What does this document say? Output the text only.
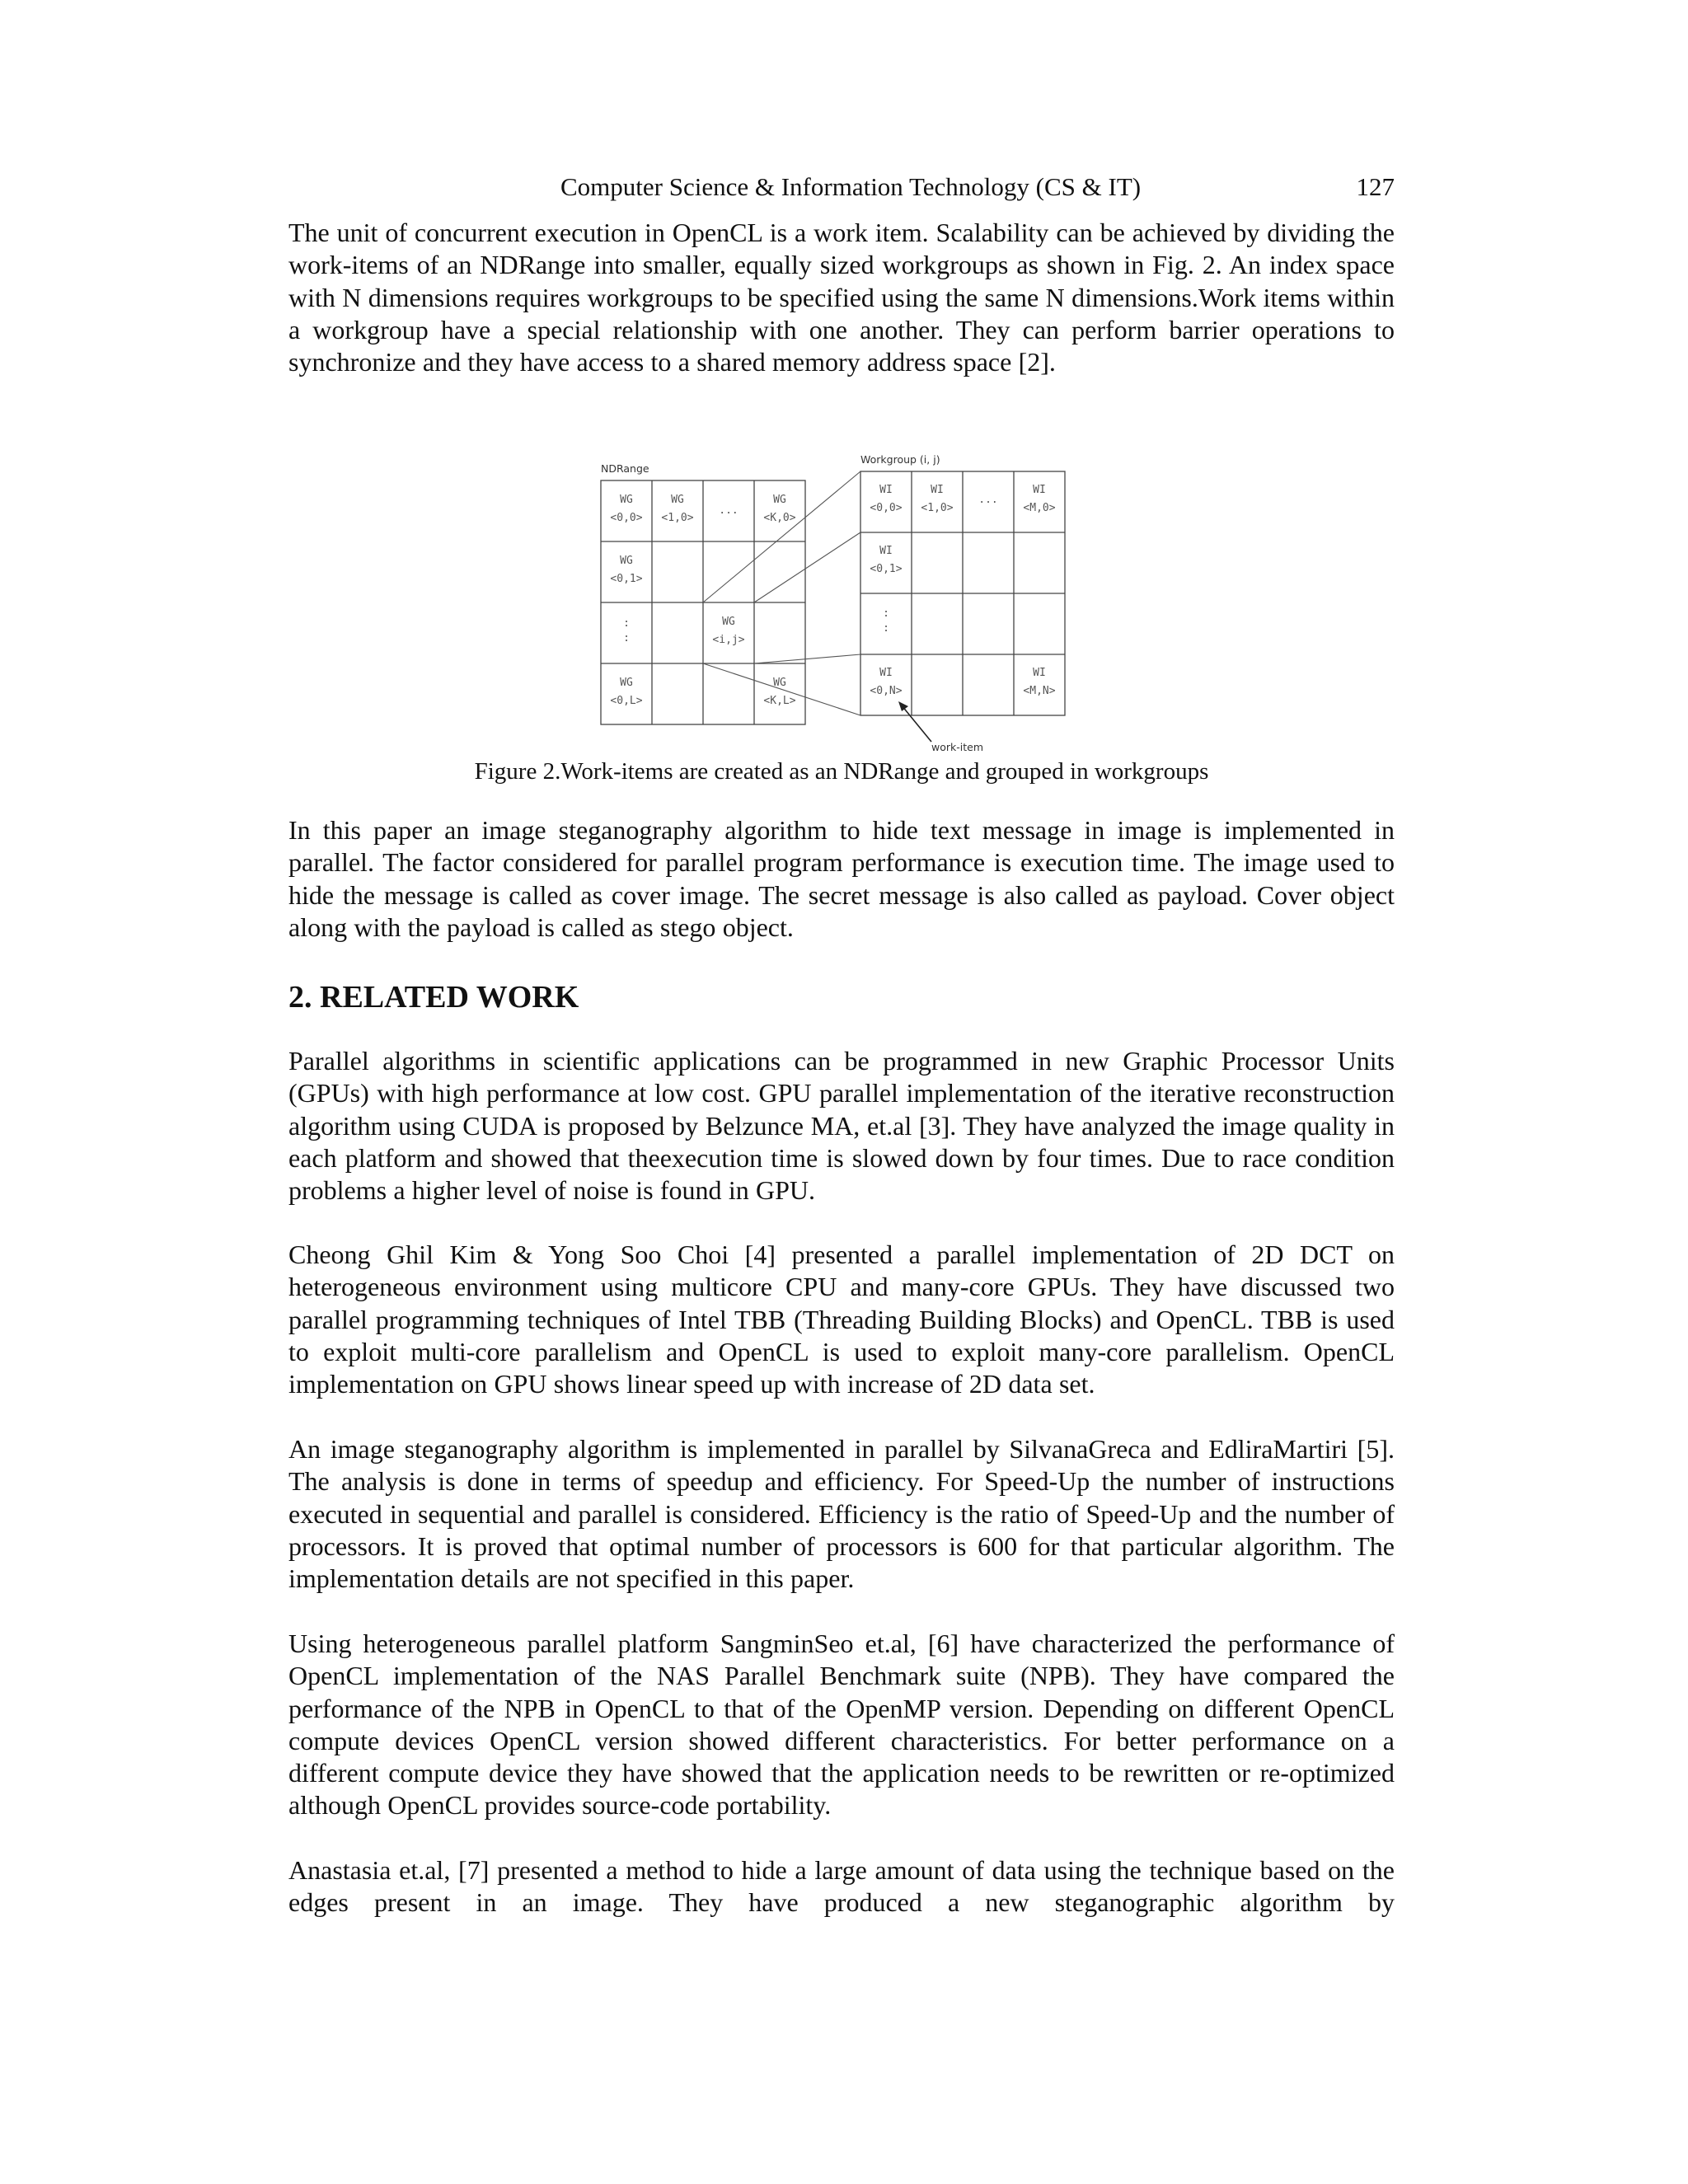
Computer Science & Information Technology (CS & IT)	127

The unit of concurrent execution in OpenCL is a work item. Scalability can be achieved by dividing the work-items of an NDRange into smaller, equally sized workgroups as shown in Fig. 2. An index space with N dimensions requires workgroups to be specified using the same N dimensions.Work items within a workgroup have a special relationship with one another. They can perform barrier operations to synchronize and they have access to a shared memory address space [2].

NDRange
WG
<0,0>
WG
<1,0>
...
WG
<K,0>
WG
<0,1>
:
:
WG
<i,j>
WG
<0,L>
WG
<K,L>
Workgroup (i, j)
WI
<0,0>
WI
<1,0>
...
WI
<M,0>
WI
<0,1>
:
:
WI
<0,N>
WI
<M,N>
work-item
Figure 2.Work-items are created as an NDRange and grouped in workgroups

In this paper an image steganography algorithm to hide text message in image is implemented in parallel. The factor considered for parallel program performance is execution time. The image used to hide the message is called as cover image. The secret message is also called as payload. Cover object along with the payload is called as stego object.

2. RELATED WORK

Parallel algorithms in scientific applications can be programmed in new Graphic Processor Units (GPUs) with high performance at low cost. GPU parallel implementation of the iterative reconstruction algorithm using CUDA is proposed by Belzunce MA, et.al [3]. They have analyzed the image quality in each platform and showed that theexecution time is slowed down by four times. Due to race condition problems a higher level of noise is found in GPU.

Cheong Ghil Kim & Yong Soo Choi [4] presented a parallel implementation of 2D DCT on heterogeneous environment using multicore CPU and many-core GPUs. They have discussed two parallel programming techniques of Intel TBB (Threading Building Blocks) and OpenCL. TBB is used to exploit multi-core parallelism and OpenCL is used to exploit many-core parallelism. OpenCL implementation on GPU shows linear speed up with increase of 2D data set.

An image steganography algorithm is implemented in parallel by SilvanaGreca and EdliraMartiri [5]. The analysis is done in terms of speedup and efficiency. For Speed-Up the number of instructions executed in sequential and parallel is considered. Efficiency is the ratio of Speed-Up and the number of processors. It is proved that optimal number of processors is 600 for that particular algorithm. The implementation details are not specified in this paper.

Using heterogeneous parallel platform SangminSeo et.al, [6] have characterized the performance of OpenCL implementation of the NAS Parallel Benchmark suite (NPB). They have compared the performance of the NPB in OpenCL to that of the OpenMP version. Depending on different OpenCL compute devices OpenCL version showed different characteristics. For better performance on a different compute device they have showed that the application needs to be rewritten or re-optimized although OpenCL provides source-code portability.

Anastasia et.al, [7] presented a method to hide a large amount of data using the technique based on the edges present in an image. They have produced a new steganographic algorithm by
